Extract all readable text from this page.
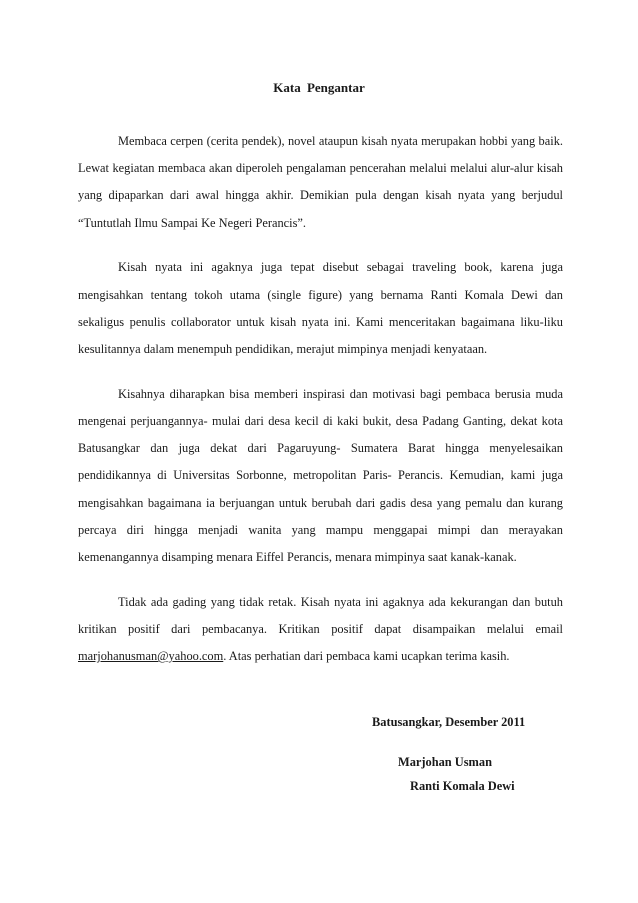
Kata Pengantar

Membaca cerpen (cerita pendek), novel ataupun kisah nyata merupakan hobbi yang baik. Lewat kegiatan membaca akan diperoleh pengalaman pencerahan melalui melalui alur-alur kisah yang dipaparkan dari awal hingga akhir. Demikian pula dengan kisah nyata yang berjudul “Tuntutlah Ilmu Sampai Ke Negeri Perancis”.

Kisah nyata ini agaknya juga tepat disebut sebagai traveling book, karena juga mengisahkan tentang tokoh utama (single figure) yang bernama Ranti Komala Dewi dan sekaligus penulis collaborator untuk kisah nyata ini. Kami menceritakan bagaimana liku-liku kesulitannya dalam menempuh pendidikan, merajut mimpinya menjadi kenyataan.

Kisahnya diharapkan bisa memberi inspirasi dan motivasi bagi pembaca berusia muda mengenai perjuangannya- mulai dari desa kecil di kaki bukit, desa Padang Ganting, dekat kota Batusangkar dan juga dekat dari Pagaruyung- Sumatera Barat hingga menyelesaikan pendidikannya di Universitas Sorbonne, metropolitan Paris- Perancis. Kemudian, kami juga mengisahkan bagaimana ia berjuangan untuk berubah dari gadis desa yang pemalu dan kurang percaya diri hingga menjadi wanita yang mampu menggapai mimpi dan merayakan kemenangannya disamping menara Eiffel Perancis, menara mimpinya saat kanak-kanak.

Tidak ada gading yang tidak retak. Kisah nyata ini agaknya ada kekurangan dan butuh kritikan positif dari pembacanya. Kritikan positif dapat disampaikan melalui email marjohanusman@yahoo.com. Atas perhatian dari pembaca kami ucapkan terima kasih.

Batusangkar, Desember 2011
Marjohan Usman
Ranti Komala Dewi
